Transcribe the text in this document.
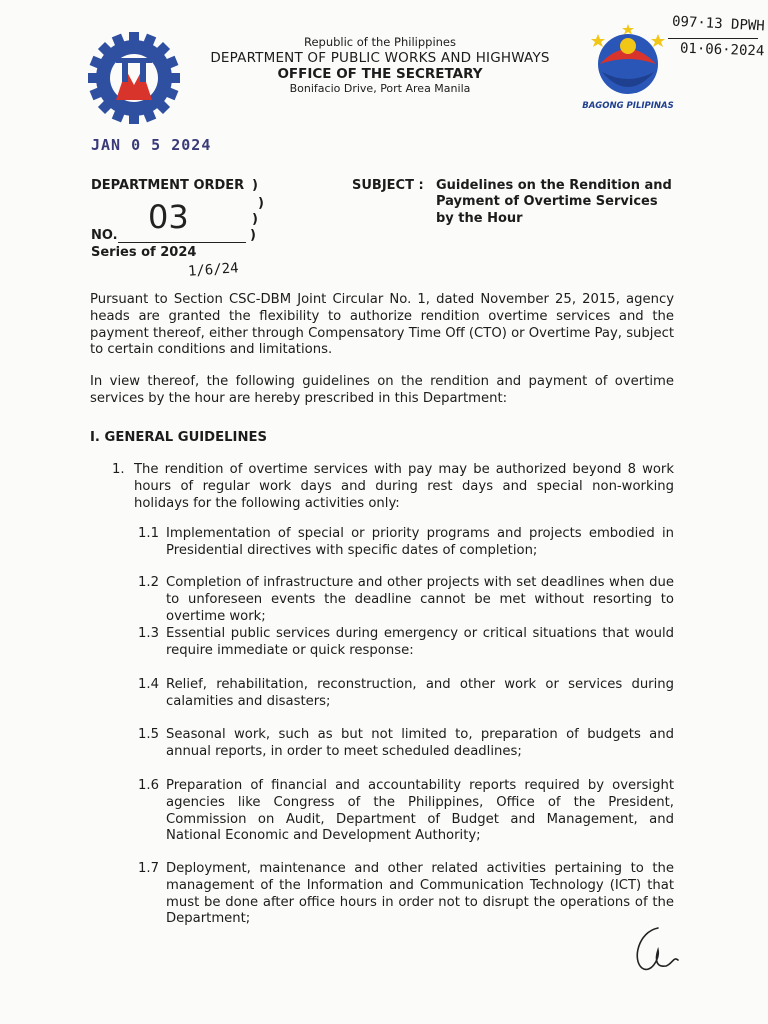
Republic of the Philippines
DEPARTMENT OF PUBLIC WORKS AND HIGHWAYS
OFFICE OF THE SECRETARY
Bonifacio Drive, Port Area Manila
BAGONG PILIPINAS
097·13 DPWH
01·06·2024
JAN 0 5 2024
DEPARTMENT ORDER )
)
)
)
03
NO.
Series of 2024
1/6/24
SUBJECT : Guidelines on the Rendition and Payment of Overtime Services by the Hour
Pursuant to Section CSC-DBM Joint Circular No. 1, dated November 25, 2015, agency heads are granted the flexibility to authorize rendition overtime services and the payment thereof, either through Compensatory Time Off (CTO) or Overtime Pay, subject to certain conditions and limitations.
In view thereof, the following guidelines on the rendition and payment of overtime services by the hour are hereby prescribed in this Department:
I. GENERAL GUIDELINES
1. The rendition of overtime services with pay may be authorized beyond 8 work hours of regular work days and during rest days and special non-working holidays for the following activities only:
1.1 Implementation of special or priority programs and projects embodied in Presidential directives with specific dates of completion;
1.2 Completion of infrastructure and other projects with set deadlines when due to unforeseen events the deadline cannot be met without resorting to overtime work;
1.3 Essential public services during emergency or critical situations that would require immediate or quick response:
1.4 Relief, rehabilitation, reconstruction, and other work or services during calamities and disasters;
1.5 Seasonal work, such as but not limited to, preparation of budgets and annual reports, in order to meet scheduled deadlines;
1.6 Preparation of financial and accountability reports required by oversight agencies like Congress of the Philippines, Office of the President, Commission on Audit, Department of Budget and Management, and National Economic and Development Authority;
1.7 Deployment, maintenance and other related activities pertaining to the management of the Information and Communication Technology (ICT) that must be done after office hours in order not to disrupt the operations of the Department;
